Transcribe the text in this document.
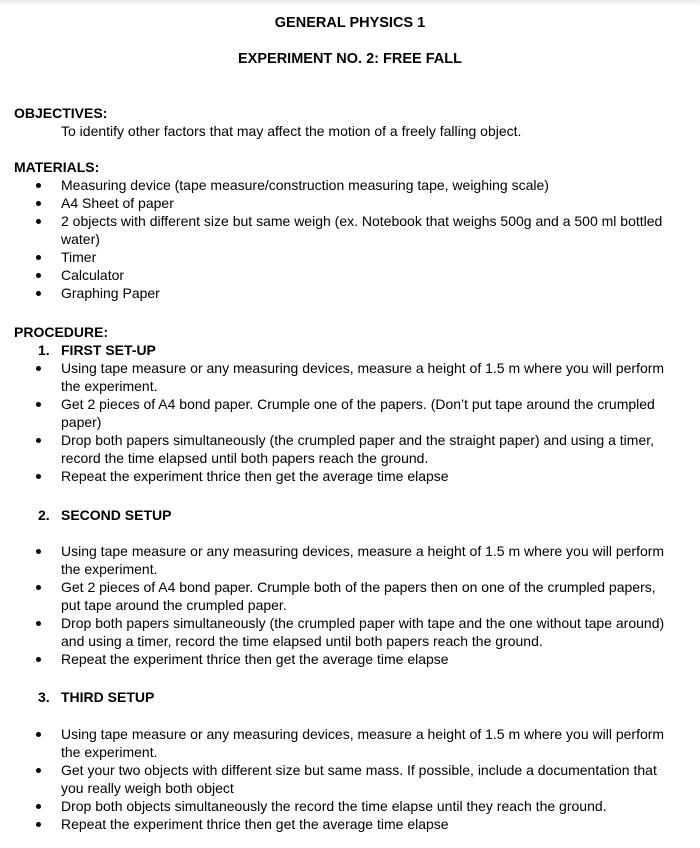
GENERAL PHYSICS 1
EXPERIMENT NO. 2: FREE FALL
OBJECTIVES:
To identify other factors that may affect the motion of a freely falling object.
MATERIALS:
Measuring device (tape measure/construction measuring tape, weighing scale)
A4 Sheet of paper
2 objects with different size but same weigh (ex. Notebook that weighs 500g and a 500 ml bottled water)
Timer
Calculator
Graphing Paper
PROCEDURE:
1. FIRST SET-UP
Using tape measure or any measuring devices, measure a height of 1.5 m where you will perform the experiment.
Get 2 pieces of A4 bond paper. Crumple one of the papers. (Don’t put tape around the crumpled paper)
Drop both papers simultaneously (the crumpled paper and the straight paper) and using a timer, record the time elapsed until both papers reach the ground.
Repeat the experiment thrice then get the average time elapse
2. SECOND SETUP
Using tape measure or any measuring devices, measure a height of 1.5 m where you will perform the experiment.
Get 2 pieces of A4 bond paper. Crumple both of the papers then on one of the crumpled papers, put tape around the crumpled paper.
Drop both papers simultaneously (the crumpled paper with tape and the one without tape around) and using a timer, record the time elapsed until both papers reach the ground.
Repeat the experiment thrice then get the average time elapse
3. THIRD SETUP
Using tape measure or any measuring devices, measure a height of 1.5 m where you will perform the experiment.
Get your two objects with different size but same mass. If possible, include a documentation that you really weigh both object
Drop both objects simultaneously the record the time elapse until they reach the ground.
Repeat the experiment thrice then get the average time elapse
